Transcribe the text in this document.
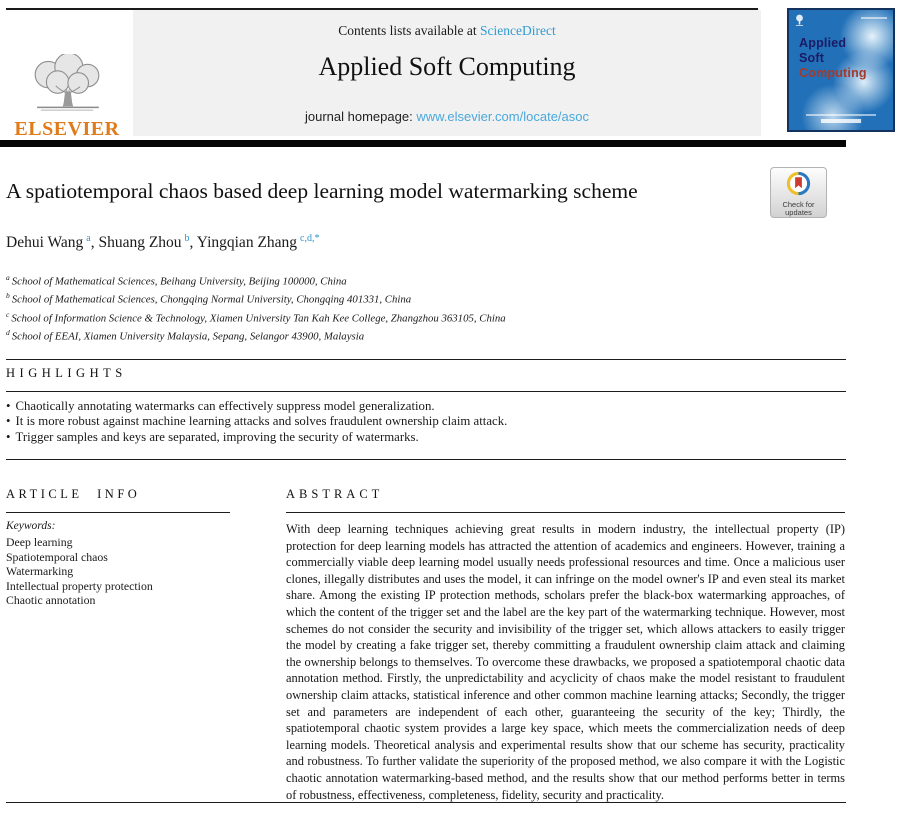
ELSEVIER
Contents lists available at ScienceDirect
Applied Soft Computing
journal homepage: www.elsevier.com/locate/asoc
Applied
Soft
Computing
A spatiotemporal chaos based deep learning model watermarking scheme
Check for
updates
Dehui Wang $^a$, Shuang Zhou $^b$, Yingqian Zhang $^{c,d,*}$
$^a$ School of Mathematical Sciences, Beihang University, Beijing 100000, China
$^b$ School of Mathematical Sciences, Chongqing Normal University, Chongqing 401331, China
$^c$ School of Information Science & Technology, Xiamen University Tan Kah Kee College, Zhangzhou 363105, China
$^d$ School of EEAI, Xiamen University Malaysia, Sepang, Selangor 43900, Malaysia
HIGHLIGHTS
• Chaotically annotating watermarks can effectively suppress model generalization.
• It is more robust against machine learning attacks and solves fraudulent ownership claim attack.
• Trigger samples and keys are separated, improving the security of watermarks.
ARTICLE INFO
Keywords:
Deep learning
Spatiotemporal chaos
Watermarking
Intellectual property protection
Chaotic annotation
ABSTRACT
With deep learning techniques achieving great results in modern industry, the intellectual property (IP) protection for deep learning models has attracted the attention of academics and engineers. However, training a commercially viable deep learning model usually needs professional resources and time. Once a malicious user clones, illegally distributes and uses the model, it can infringe on the model owner's IP and even steal its market share. Among the existing IP protection methods, scholars prefer the black-box watermarking approaches, of which the content of the trigger set and the label are the key part of the watermarking technique. However, most schemes do not consider the security and invisibility of the trigger set, which allows attackers to easily trigger the model by creating a fake trigger set, thereby committing a fraudulent ownership claim attack and claiming the ownership belongs to themselves. To overcome these drawbacks, we proposed a spatiotemporal chaotic data annotation method. Firstly, the unpredictability and acyclicity of chaos make the model resistant to fraudulent ownership claim attacks, statistical inference and other common machine learning attacks; Secondly, the trigger set and parameters are independent of each other, guaranteeing the security of the key; Thirdly, the spatiotemporal chaotic system provides a large key space, which meets the commercialization needs of deep learning models. Theoretical analysis and experimental results show that our scheme has security, practicality and robustness. To further validate the superiority of the proposed method, we also compare it with the Logistic chaotic annotation watermarking-based method, and the results show that our method performs better in terms of robustness, effectiveness, completeness, fidelity, security and practicality.
